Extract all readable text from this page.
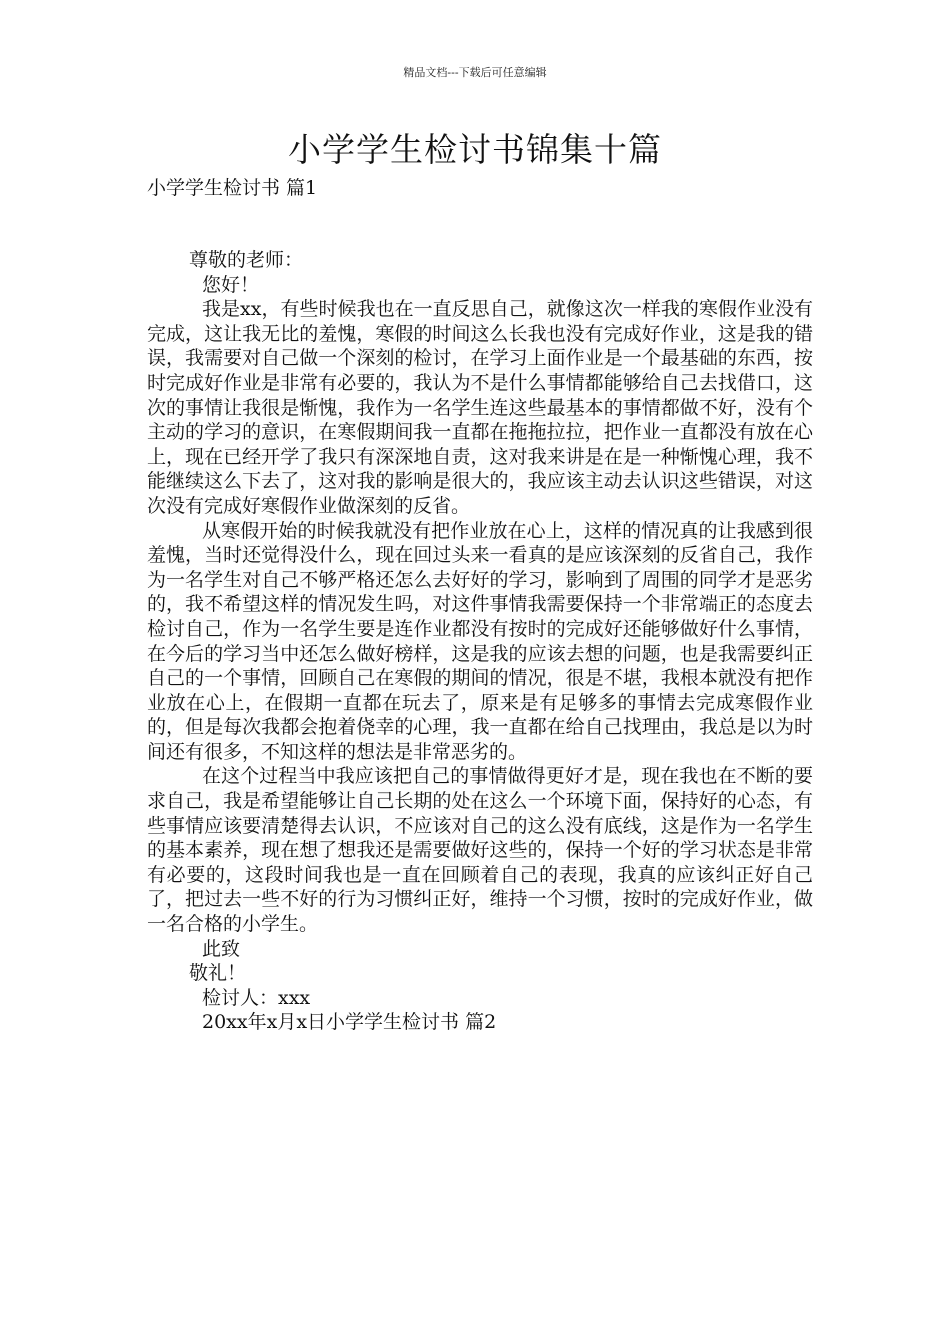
精品文档---下载后可任意编辑
小学学生检讨书锦集十篇
小学学生检讨书 篇1

尊敬的老师：

您好！

我是xx，有些时候我也在一直反思自己，就像这次一样我的寒假作业没有完成，这让我无比的羞愧，寒假的时间这么长我也没有完成好作业，这是我的错误，我需要对自己做一个深刻的检讨，在学习上面作业是一个最基础的东西，按时完成好作业是非常有必要的，我认为不是什么事情都能够给自己去找借口，这次的事情让我很是惭愧，我作为一名学生连这些最基本的事情都做不好，没有个主动的学习的意识，在寒假期间我一直都在拖拖拉拉，把作业一直都没有放在心上，现在已经开学了我只有深深地自责，这对我来讲是在是一种惭愧心理，我不能继续这么下去了，这对我的影响是很大的，我应该主动去认识这些错误，对这次没有完成好寒假作业做深刻的反省。

从寒假开始的时候我就没有把作业放在心上，这样的情况真的让我感到很羞愧，当时还觉得没什么，现在回过头来一看真的是应该深刻的反省自己，我作为一名学生对自己不够严格还怎么去好好的学习，影响到了周围的同学才是恶劣的，我不希望这样的情况发生吗，对这件事情我需要保持一个非常端正的态度去检讨自己，作为一名学生要是连作业都没有按时的完成好还能够做好什么事情，在今后的学习当中还怎么做好榜样，这是我的应该去想的问题，也是我需要纠正自己的一个事情，回顾自己在寒假的期间的情况，很是不堪，我根本就没有把作业放在心上，在假期一直都在玩去了，原来是有足够多的事情去完成寒假作业的，但是每次我都会抱着侥幸的心理，我一直都在给自己找理由，我总是以为时间还有很多，不知这样的想法是非常恶劣的。

在这个过程当中我应该把自己的事情做得更好才是，现在我也在不断的要求自己，我是希望能够让自己长期的处在这么一个环境下面，保持好的心态，有些事情应该要清楚得去认识，不应该对自己的这么没有底线，这是作为一名学生的基本素养，现在想了想我还是需要做好这些的，保持一个好的学习状态是非常有必要的，这段时间我也是一直在回顾着自己的表现，我真的应该纠正好自己了，把过去一些不好的行为习惯纠正好，维持一个习惯，按时的完成好作业，做一名合格的小学生。

此致

敬礼！

检讨人：xxx

20xx年x月x日小学学生检讨书 篇2
